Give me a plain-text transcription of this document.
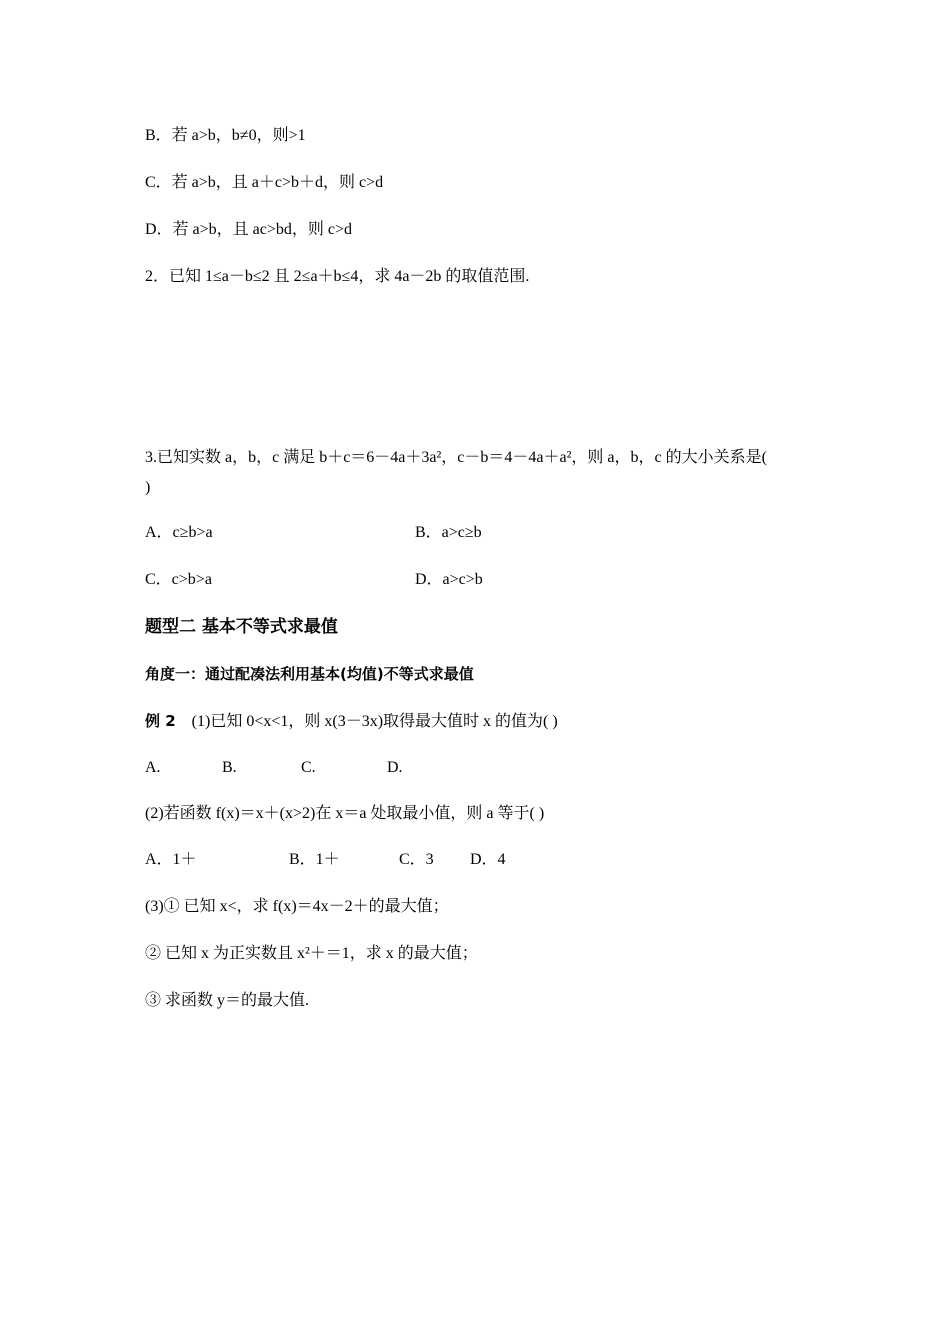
B．若 a>b，b≠0，则>1
C．若 a>b，且 a＋c>b＋d，则 c>d
D．若 a>b，且 ac>bd，则 c>d
2．已知 1≤a－b≤2 且 2≤a＋b≤4，求 4a－2b 的取值范围.
3.已知实数 a，b，c 满足 b＋c＝6－4a＋3a²，c－b＝4－4a＋a²，则 a，b，c 的大小关系是(
)
A．c≥b>a	B．a>c≥b
C．c>b>a	D．a>c>b
题型二 基本不等式求最值
角度一：通过配凑法利用基本(均值)不等式求最值
例 2 (1)已知 0<x<1，则 x(3－3x)取得最大值时 x 的值为( )
A.	B.	C.	D.
(2)若函数 f(x)＝x＋(x>2)在 x＝a 处取最小值，则 a 等于( )
A．1＋	B．1＋	C．3 D．4
(3)① 已知 x<，求 f(x)＝4x－2＋的最大值；
② 已知 x 为正实数且 x²＋＝1，求 x 的最大值；
③ 求函数 y＝的最大值.
